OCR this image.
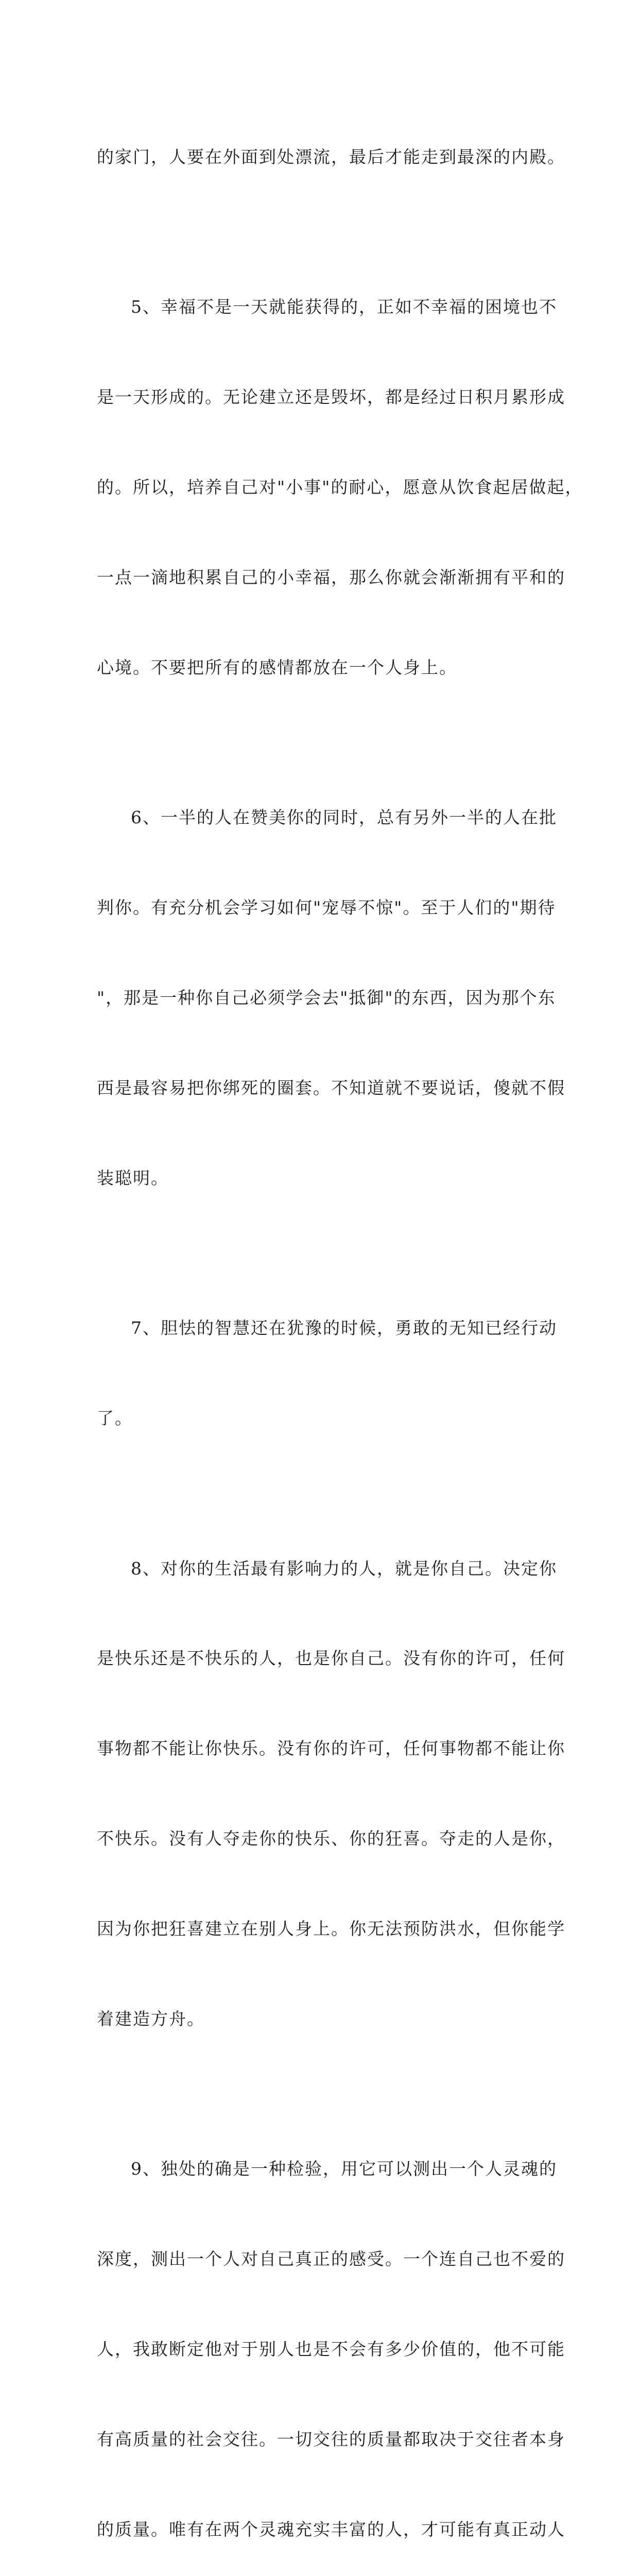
的家门，人要在外面到处漂流，最后才能走到最深的内殿。

5、幸福不是一天就能获得的，正如不幸福的困境也不

是一天形成的。无论建立还是毁坏，都是经过日积月累形成

的。所以，培养自己对"小事"的耐心，愿意从饮食起居做起，

一点一滴地积累自己的小幸福，那么你就会渐渐拥有平和的

心境。不要把所有的感情都放在一个人身上。

6、一半的人在赞美你的同时，总有另外一半的人在批

判你。有充分机会学习如何"宠辱不惊"。至于人们的"期待

"，那是一种你自己必须学会去"抵御"的东西，因为那个东

西是最容易把你绑死的圈套。不知道就不要说话，傻就不假

装聪明。

7、胆怯的智慧还在犹豫的时候，勇敢的无知已经行动

了。

8、对你的生活最有影响力的人，就是你自己。决定你

是快乐还是不快乐的人，也是你自己。没有你的许可，任何

事物都不能让你快乐。没有你的许可，任何事物都不能让你

不快乐。没有人夺走你的快乐、你的狂喜。夺走的人是你，

因为你把狂喜建立在别人身上。你无法预防洪水，但你能学

着建造方舟。

9、独处的确是一种检验，用它可以测出一个人灵魂的

深度，测出一个人对自己真正的感受。一个连自己也不爱的

人，我敢断定他对于别人也是不会有多少价值的，他不可能

有高质量的社会交往。一切交往的质量都取决于交往者本身

的质量。唯有在两个灵魂充实丰富的人，才可能有真正动人
